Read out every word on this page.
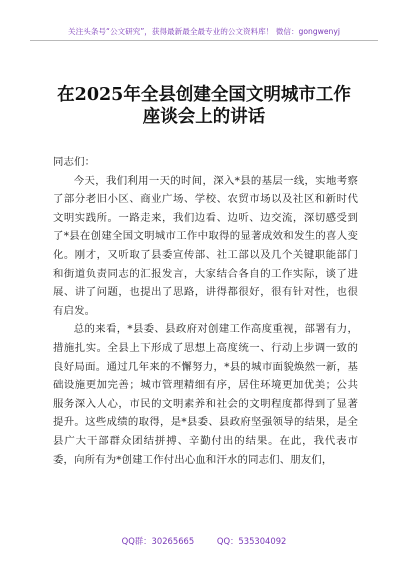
关注头条号“公文研究”，获得最新最全最专业的公文资料库！ 微信：gongwenyj
在2025年全县创建全国文明城市工作
座谈会上的讲话

同志们：

今天，我们利用一天的时间，深入*县的基层一线，实地考察了部分老旧小区、商业广场、学校、农贸市场以及社区和新时代文明实践所。一路走来，我们边看、边听、边交流，深切感受到了*县在创建全国文明城市工作中取得的显著成效和发生的喜人变化。刚才，又听取了县委宣传部、社工部以及几个关键职能部门和街道负责同志的汇报发言，大家结合各自的工作实际，谈了进展、讲了问题，也提出了思路，讲得都很好，很有针对性，也很有启发。

总的来看，*县委、县政府对创建工作高度重视，部署有力，措施扎实。全县上下形成了思想上高度统一、行动上步调一致的良好局面。通过几年来的不懈努力，*县的城市面貌焕然一新，基础设施更加完善；城市管理精细有序，居住环境更加优美；公共服务深入人心，市民的文明素养和社会的文明程度都得到了显著提升。这些成绩的取得，是*县委、县政府坚强领导的结果，是全县广大干部群众团结拼搏、辛勤付出的结果。在此，我代表市委，向所有为*创建工作付出心血和汗水的同志们、朋友们，

QQ群：30265665	QQ：535304092
